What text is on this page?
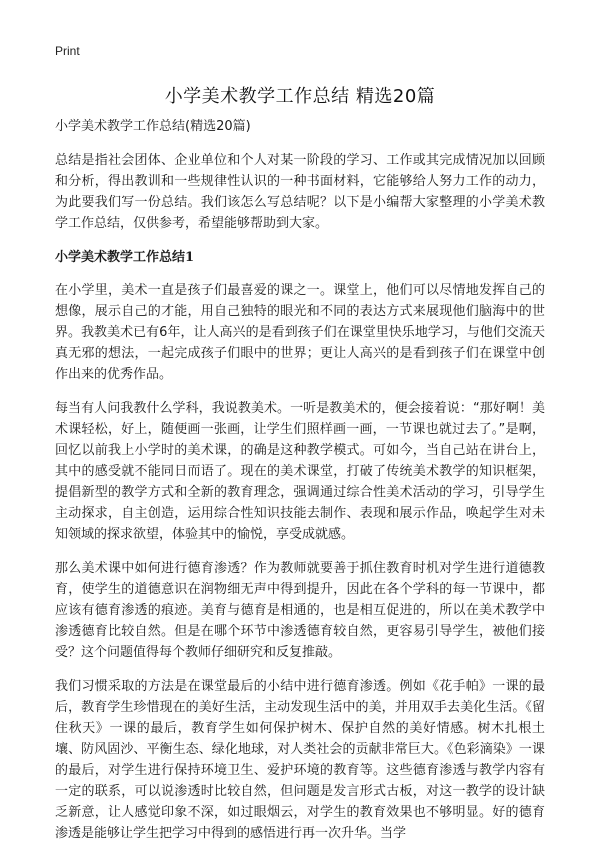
Print
小学美术教学工作总结 精选20篇

小学美术教学工作总结(精选20篇)

总结是指社会团体、企业单位和个人对某一阶段的学习、工作或其完成情况加以回顾和分析，得出教训和一些规律性认识的一种书面材料，它能够给人努力工作的动力，为此要我们写一份总结。我们该怎么写总结呢？以下是小编帮大家整理的小学美术教学工作总结，仅供参考，希望能够帮助到大家。

小学美术教学工作总结1

在小学里，美术一直是孩子们最喜爱的课之一。课堂上，他们可以尽情地发挥自己的想像，展示自己的才能，用自己独特的眼光和不同的表达方式来展现他们脑海中的世界。我教美术已有6年，让人高兴的是看到孩子们在课堂里快乐地学习，与他们交流天真无邪的想法，一起完成孩子们眼中的世界；更让人高兴的是看到孩子们在课堂中创作出来的优秀作品。

每当有人问我教什么学科，我说教美术。一听是教美术的，便会接着说：“那好啊！美术课轻松，好上，随便画一张画，让学生们照样画一画，一节课也就过去了。”是啊，回忆以前我上小学时的美术课，的确是这种教学模式。可如今，当自己站在讲台上，其中的感受就不能同日而语了。现在的美术课堂，打破了传统美术教学的知识框架，提倡新型的教学方式和全新的教育理念，强调通过综合性美术活动的学习，引导学生主动探求，自主创造，运用综合性知识技能去制作、表现和展示作品，唤起学生对未知领域的探求欲望，体验其中的愉悦，享受成就感。

那么美术课中如何进行德育渗透？作为教师就要善于抓住教育时机对学生进行道德教育，使学生的道德意识在润物细无声中得到提升，因此在各个学科的每一节课中，都应该有德育渗透的痕迹。美育与德育是相通的，也是相互促进的，所以在美术教学中渗透德育比较自然。但是在哪个环节中渗透德育较自然，更容易引导学生，被他们接受？这个问题值得每个教师仔细研究和反复推敲。

我们习惯采取的方法是在课堂最后的小结中进行德育渗透。例如《花手帕》一课的最后，教育学生珍惜现在的美好生活，主动发现生活中的美，并用双手去美化生活。《留住秋天》一课的最后，教育学生如何保护树木、保护自然的美好情感。树木扎根土壤、防风固沙、平衡生态、绿化地球，对人类社会的贡献非常巨大。《色彩滴染》一课的最后，对学生进行保持环境卫生、爱护环境的教育等。这些德育渗透与教学内容有一定的联系，可以说渗透时比较自然，但问题是发言形式古板，对这一教学的设计缺乏新意，让人感觉印象不深，如过眼烟云，对学生的教育效果也不够明显。好的德育渗透是能够让学生把学习中得到的感悟进行再一次升华。当学
